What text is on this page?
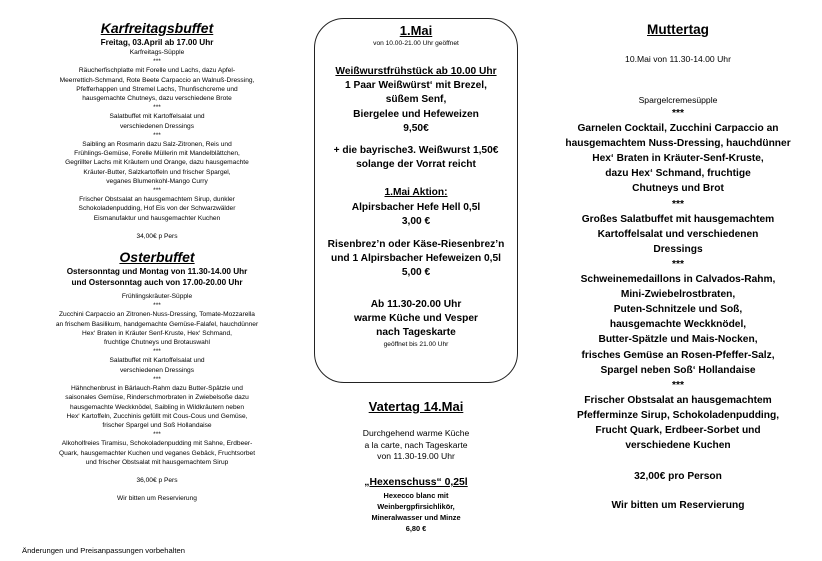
Karfreitagsbuffet
Freitag, 03.April ab 17.00 Uhr
Karfreitags-Süpple
***
Räucherfischplatte mit Forelle und Lachs, dazu Apfel-
Meerrettich-Schmand, Rote Beete Carpaccio an Walnuß-Dressing,
Pfefferhappen und Stremel Lachs, Thunfischcreme und
hausgemachte Chutneys, dazu verschiedene Brote
***
Salatbuffet mit Kartoffelsalat und
verschiedenen Dressings
***
Saibling an Rosmarin dazu Salz-Zitronen, Reis und
Frühlings-Gemüse, Forelle Müllerin mit Mandelblättchen,
Gegrillter Lachs mit Kräutern und Orange, dazu hausgemachte
Kräuter-Butter, Salzkartoffeln und frischer Spargel,
veganes Blumenkohl-Mango Curry
***
Frischer Obstsalat an hausgemachtem Sirup, dunkler
Schokoladenpudding, Hof Eis von der Schwarzwälder
Eismanufaktur und hausgemachter Kuchen
34,00€ p Pers
Osterbuffet
Ostersonntag und Montag von 11.30-14.00 Uhr
und Ostersonntag auch von 17.00-20.00 Uhr
Frühlingskräuter-Süpple
***
Zucchini Carpaccio an Zitronen-Nuss-Dressing, Tomate-Mozzarella
an frischem Basilikum, handgemachte Gemüse-Falafel, hauchdünner
Hex‘ Braten in Kräuter Senf-Kruste, Hex‘ Schmand,
fruchtige Chutneys und Brotauswahl
***
Salatbuffet mit Kartoffelsalat und
verschiedenen Dressings
***
Hähnchenbrust in Bärlauch-Rahm dazu Butter-Spätzle und
saisonales Gemüse, Rinderschmorbraten in Zwiebelsoße dazu
hausgemachte Weckknödel, Saibling in Wildkräutern neben
Hex‘ Kartoffeln, Zucchinis gefüllt mit Cous-Cous und Gemüse,
frischer Spargel und Soß Hollandaise
***
Alkoholfreies Tiramisu, Schokoladenpudding mit Sahne, Erdbeer-
Quark, hausgemachter Kuchen und veganes Gebäck, Fruchtsorbet
und frischer Obstsalat mit hausgemachtem Sirup
36,00€ p Pers
Wir bitten um Reservierung
Änderungen und Preisanpassungen vorbehalten
1.Mai
von 10.00-21.00 Uhr geöffnet
Weißwurstfrühstück ab 10.00 Uhr
1 Paar Weißwürst‘ mit Brezel,
süßem Senf,
Biergelee und Hefeweizen
9,50€
+ die bayrische3. Weißwurst 1,50€
solange der Vorrat reicht
1.Mai Aktion:
Alpirsbacher Hefe Hell 0,5l
3,00 €
Risenbrez’n oder Käse-Riesenbrez’n
und 1 Alpirsbacher Hefeweizen 0,5l
5,00 €
Ab 11.30-20.00 Uhr
warme Küche und Vesper
nach Tageskarte
geöffnet bis 21.00 Uhr
Vatertag 14.Mai
Durchgehend warme Küche
a la carte, nach Tageskarte
von 11.30-19.00 Uhr
„Hexenschuss“ 0,25l
Hexecco blanc mit
Weinbergpfirsichlikör,
Mineralwasser und Minze
6,80 €
Muttertag
10.Mai von 11.30-14.00 Uhr
Spargelcremesüpple
***
Garnelen Cocktail, Zucchini Carpaccio an
hausgemachtem Nuss-Dressing, hauchdünner
Hex‘ Braten in Kräuter-Senf-Kruste,
dazu Hex‘ Schmand, fruchtige
Chutneys und Brot
***
Großes Salatbuffet mit hausgemachtem
Kartoffelsalat und verschiedenen
Dressings
***
Schweinemedaillons in Calvados-Rahm,
Mini-Zwiebelrostbraten,
Puten-Schnitzele und Soß,
hausgemachte Weckknödel,
Butter-Spätzle und Mais-Nocken,
frisches Gemüse an Rosen-Pfeffer-Salz,
Spargel neben Soß‘ Hollandaise
***
Frischer Obstsalat an hausgemachtem
Pfefferminze Sirup, Schokoladenpudding,
Frucht Quark, Erdbeer-Sorbet und
verschiedene Kuchen
32,00€ pro Person
Wir bitten um Reservierung
